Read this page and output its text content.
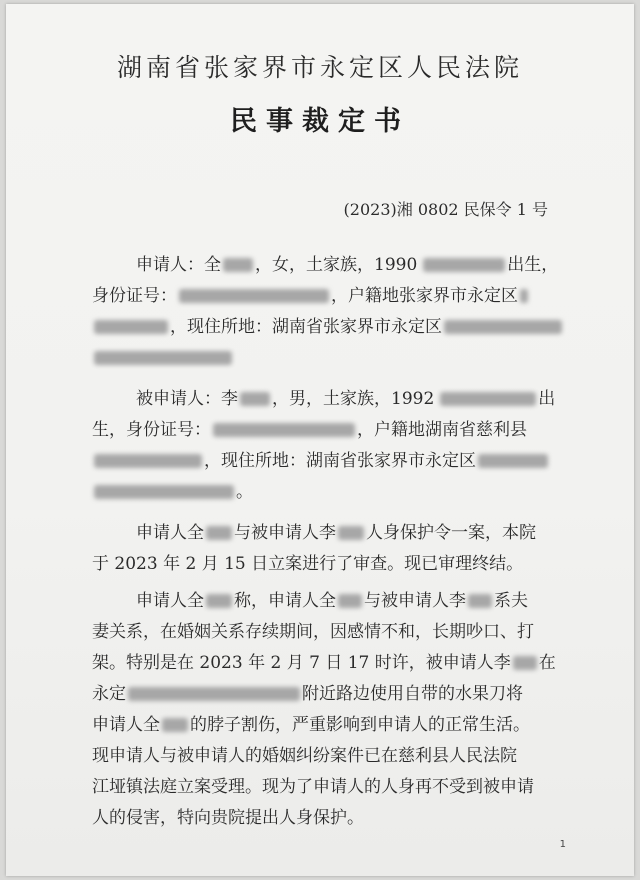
湖南省张家界市永定区人民法院
民事裁定书
(2023)湘 0802 民保令 1 号
申请人：全 ，女，土家族，1990	出生，
身份证号：	，户籍地张家界市永定区
，现住所地：湖南省张家界市永定区
被申请人：李 ，男，土家族，1992	出
生，身份证号：	，户籍地湖南省慈利县
，现住所地：湖南省张家界市永定区
。
申请人全 与被申请人李 人身保护令一案，本院
于 2023 年 2 月 15 日立案进行了审查。现已审理终结。
申请人全 称，申请人全 与被申请人李 系夫
妻关系，在婚姻关系存续期间，因感情不和，长期吵口、打
架。特别是在 2023 年 2 月 7 日 17 时许，被申请人李 在
永定	附近路边使用自带的水果刀将
申请人全 的脖子割伤，严重影响到申请人的正常生活。
现申请人与被申请人的婚姻纠纷案件已在慈利县人民法院
江垭镇法庭立案受理。现为了申请人的人身再不受到被申请
人的侵害，特向贵院提出人身保护。
1
